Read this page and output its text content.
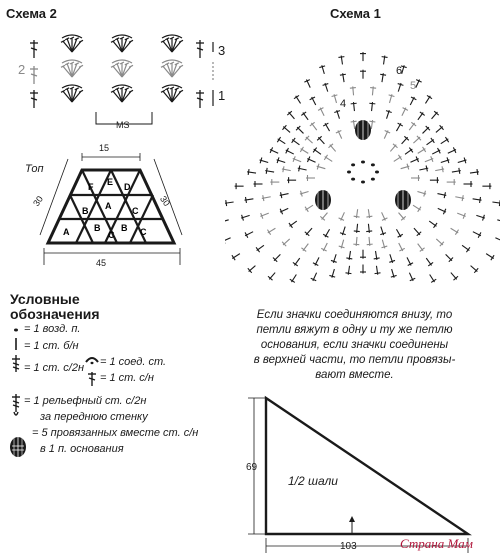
Схема 2
3
2
1
MS
Схема 1
6
5
4
Топ
15
30	30
45
F E D
B	C
A
A	B
C
B C
Условные
обозначения
= 1 возд. п.
= 1 ст. б/н
= 1 соед. ст.
= 1 ст. с/2н
= 1 ст. с/н
= 1 рельефный ст. с/2н
за переднюю стенку
= 5 провязанных вместе ст. с/н
в 1 п. основания
Если значки соединяются внизу, то
петли вяжут в одну и ту же петлю
основания, если значки соединены
в верхней части, то петли провязы-
вают вместе.
69
103
1/2 шали
Страна Мам
